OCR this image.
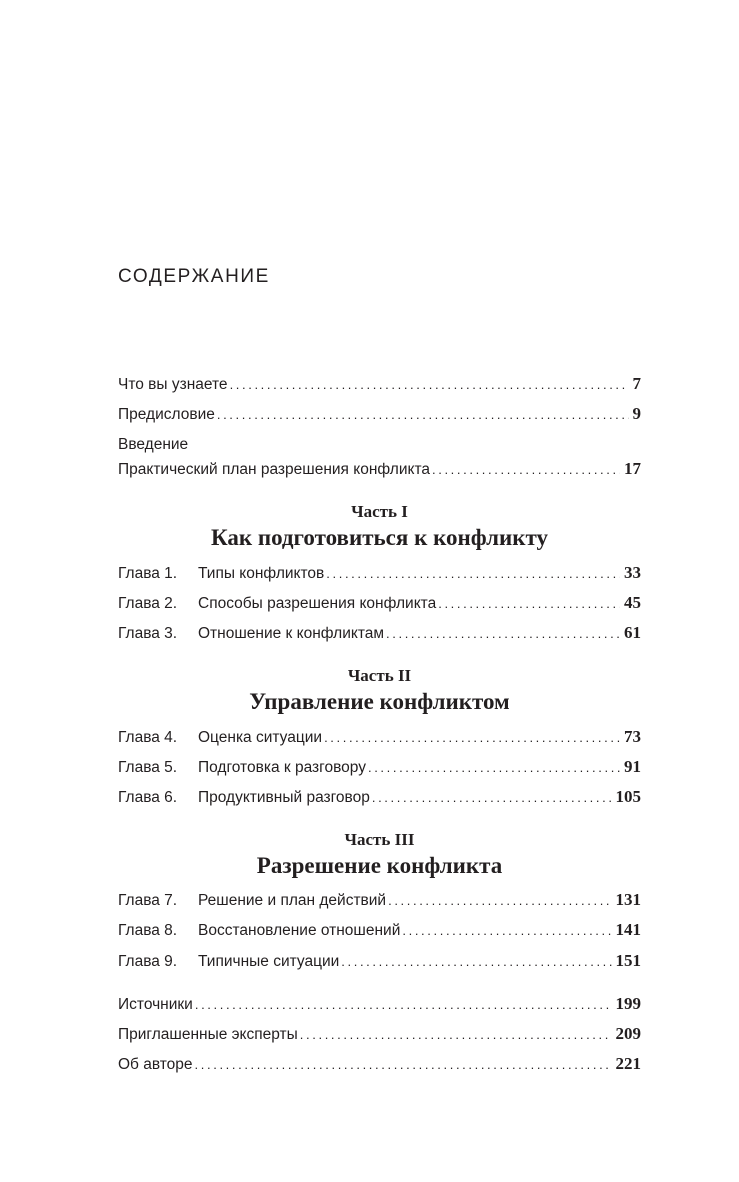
СОДЕРЖАНИЕ
Что вы узнаете . . .	7
Предисловие . . .	9
Введение
Практический план разрешения конфликта . . .	17
Часть I
Как подготовиться к конфликту
Глава 1.	Типы конфликтов . . .	33
Глава 2.	Способы разрешения конфликта . . .	45
Глава 3.	Отношение к конфликтам . . .	61
Часть II
Управление конфликтом
Глава 4.	Оценка ситуации . . .	73
Глава 5.	Подготовка к разговору . . .	91
Глава 6.	Продуктивный разговор . . .	105
Часть III
Разрешение конфликта
Глава 7.	Решение и план действий . . .	131
Глава 8.	Восстановление отношений . . .	141
Глава 9.	Типичные ситуации . . .	151
Источники . . .	199
Приглашенные эксперты . . .	209
Об авторе . . .	221
